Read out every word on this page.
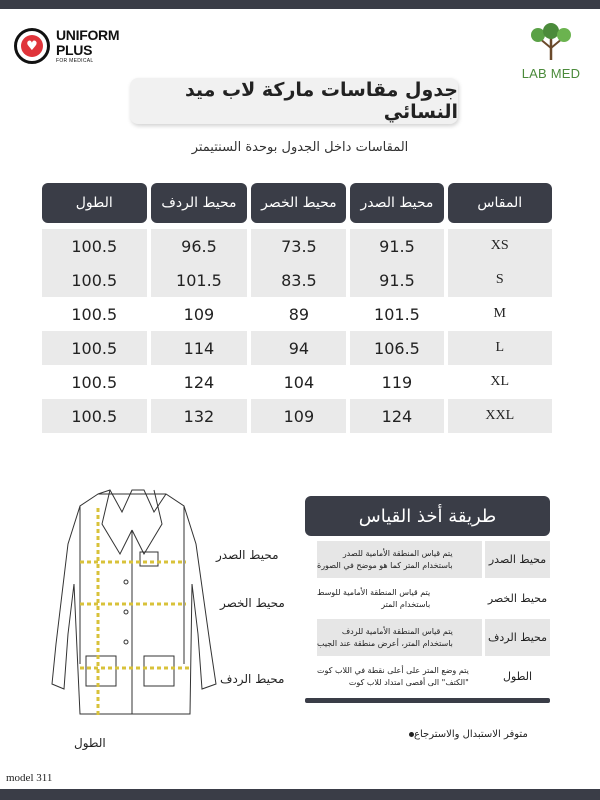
♥
UNIFORM
PLUS
FOR MEDICAL
LAB MED
جدول مقاسات ماركة لاب ميد النسائي
المقاسات داخل الجدول بوحدة السنتيمتر
المقاس
محيط الصدر
محيط الخصر
محيط الردف
الطول
XS
91.5
73.5
96.5
100.5
S
91.5
83.5
101.5
100.5
M
101.5
89
109
100.5
L
106.5
94
114
100.5
XL
119
104
124
100.5
XXL
124
109
132
100.5
محيط الصدر
محيط الخصر
محيط الردف
الطول
طريقة أخذ القياس
محيط الصدر
يتم قياس المنطقة الأمامية للصدر
باستخدام المتر كما هو موضح في الصورة
محيط الخصر
يتم قياس المنطقة الأمامية للوسط
باستخدام المتر
محيط الردف
يتم قياس المنطقة الأمامية للردف
باستخدام المتر، أعرض منطقة عند الجيب
الطول
يتم وضع المتر على أعلى نقطة في اللاب كوت
"الكتف" الى أقصى امتداد للاب كوت
متوفر الاستبدال والاسترجاع
model 311
